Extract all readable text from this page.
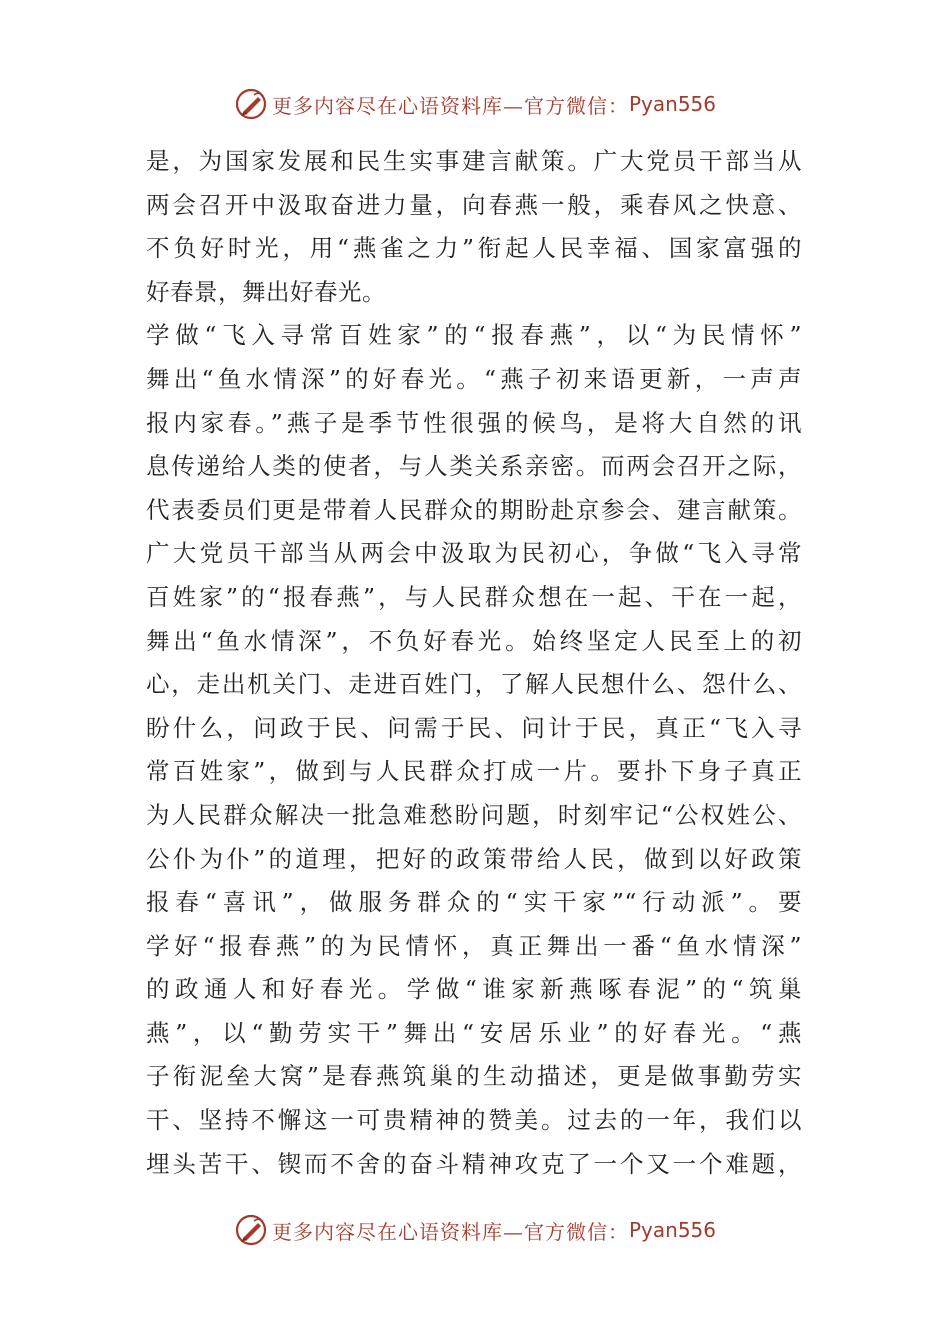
更多内容尽在心语资料库—官方微信： Pyan556
是，为国家发展和民生实事建言献策。广大党员干部当从
两会召开中汲取奋进力量，向春燕一般，乘春风之快意、
不负好时光，用“燕雀之力”衔起人民幸福、国家富强的
好春景，舞出好春光。
学做“飞入寻常百姓家”的“报春燕”，以“为民情怀”
舞出“鱼水情深”的好春光。“燕子初来语更新，一声声
报内家春。”燕子是季节性很强的候鸟，是将大自然的讯
息传递给人类的使者，与人类关系亲密。而两会召开之际，
代表委员们更是带着人民群众的期盼赴京参会、建言献策。
广大党员干部当从两会中汲取为民初心，争做“飞入寻常
百姓家”的“报春燕”，与人民群众想在一起、干在一起，
舞出“鱼水情深”，不负好春光。始终坚定人民至上的初
心，走出机关门、走进百姓门，了解人民想什么、怨什么、
盼什么，问政于民、问需于民、问计于民，真正“飞入寻
常百姓家”，做到与人民群众打成一片。要扑下身子真正
为人民群众解决一批急难愁盼问题，时刻牢记“公权姓公、
公仆为仆”的道理，把好的政策带给人民，做到以好政策
报春“喜讯”，做服务群众的“实干家”“行动派”。要
学好“报春燕”的为民情怀，真正舞出一番“鱼水情深”
的政通人和好春光。学做“谁家新燕啄春泥”的“筑巢
燕”，以“勤劳实干”舞出“安居乐业”的好春光。“燕
子衔泥垒大窝”是春燕筑巢的生动描述，更是做事勤劳实
干、坚持不懈这一可贵精神的赞美。过去的一年，我们以
埋头苦干、锲而不舍的奋斗精神攻克了一个又一个难题，
更多内容尽在心语资料库—官方微信： Pyan556
